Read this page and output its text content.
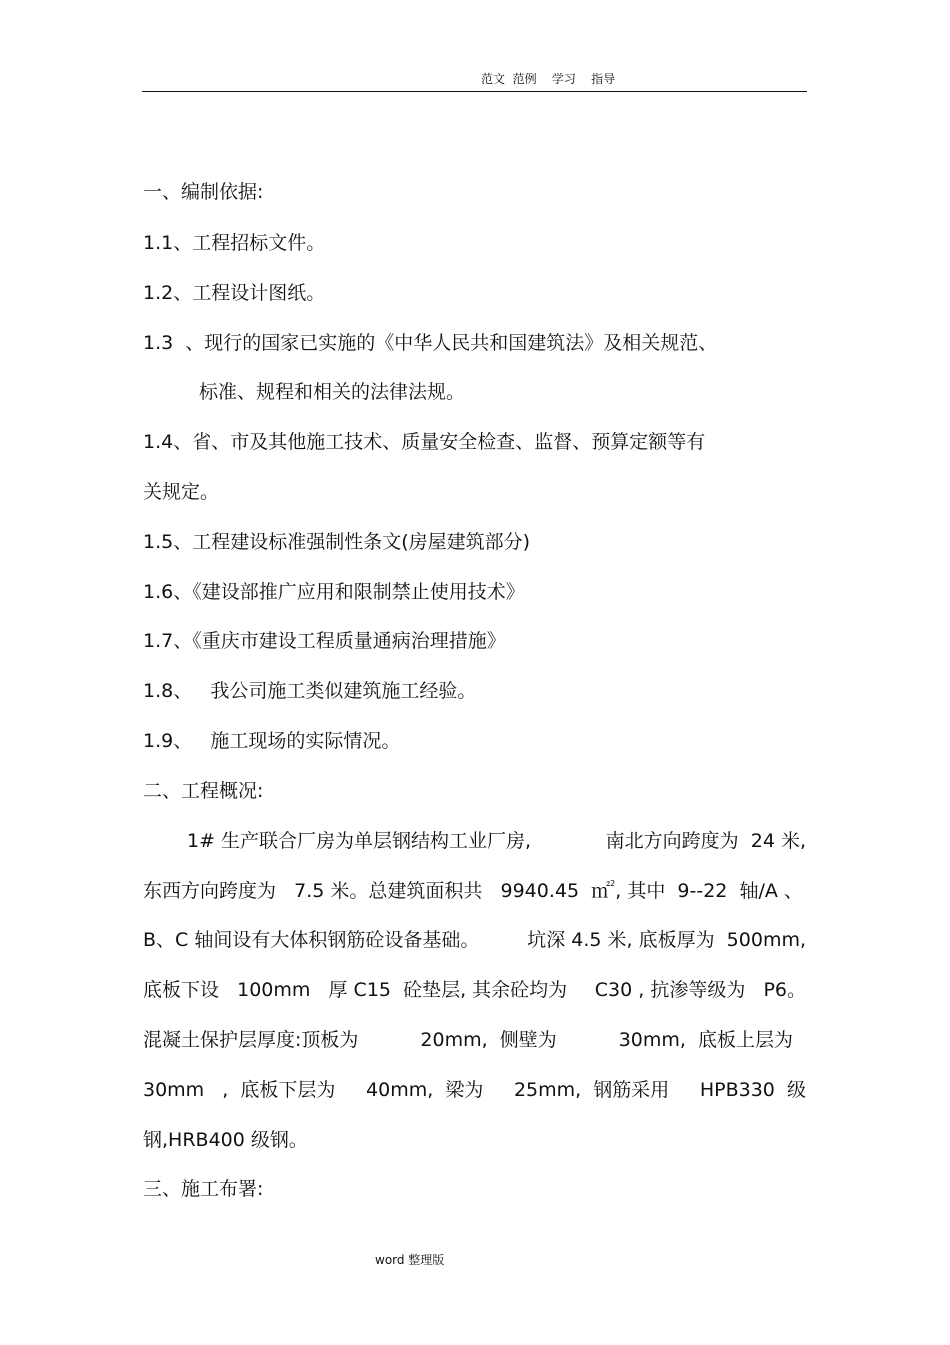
范文  范例    学习    指导
一、编制依据:
1.1、工程招标文件。
1.2、工程设计图纸。
1.3  、现行的国家已实施的《中华人民共和国建筑法》及相关规范、
标准、规程和相关的法律法规。
1.4、省、市及其他施工技术、质量安全检查、监督、预算定额等有
关规定。
1.5、工程建设标准强制性条文(房屋建筑部分)
1.6、《建设部推广应用和限制禁止使用技术》
1.7、《重庆市建设工程质量通病治理措施》
1.8、   我公司施工类似建筑施工经验。
1.9、   施工现场的实际情况。
二、工程概况:
1# 生产联合厂房为单层钢结构工业厂房,	南北方向跨度为  24 米,
东西方向跨度为   7.5 米。总建筑面积共   9940.45  ㎡$^2$, 其中  9--22  轴/A 、
B、C 轴间设有大体积钢筋砼设备基础。	坑深 4.5 米, 底板厚为  500mm,
底板下设   100mm   厚 C15  砼垫层, 其余砼均为 C30 , 抗渗等级为   P6。
混凝土保护层厚度:顶板为	20mm,  侧壁为	30mm,  底板上层为
30mm   ,  底板下层为 40mm,  梁为 25mm,  钢筋采用 HPB330  级
钢,HRB400 级钢。
三、施工布署:
word 整理版
